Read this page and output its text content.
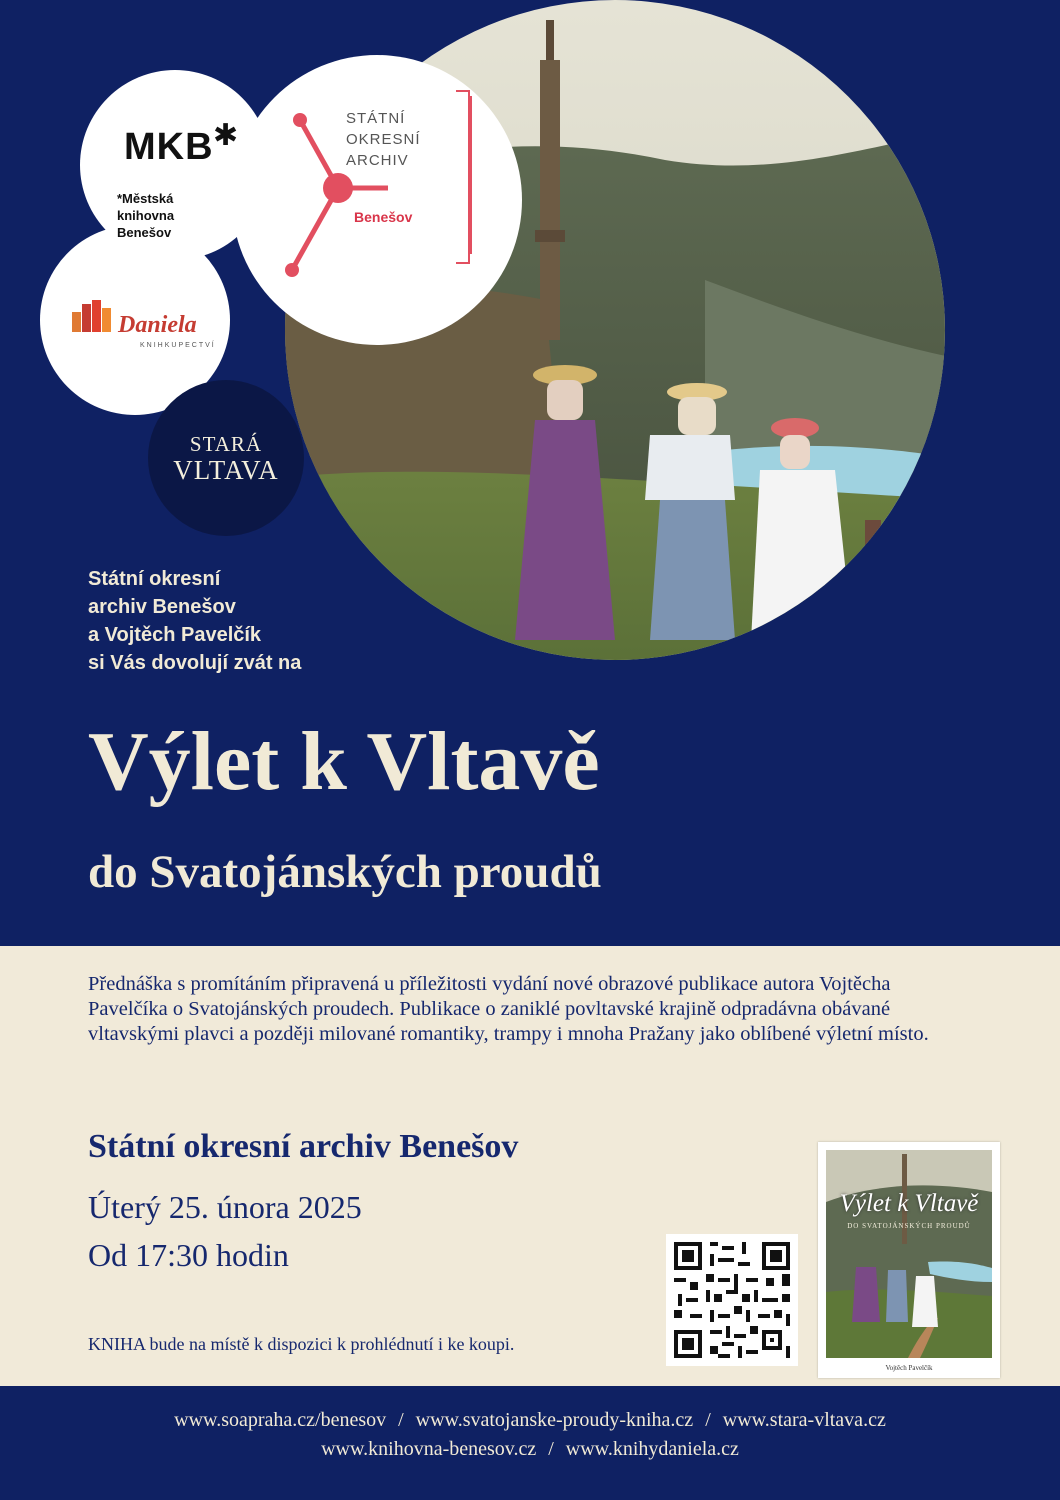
MKB ✱
*Městská
knihovna
Benešov
STÁTNÍ
OKRESNÍ
ARCHIV
Benešov
Daniela
KNIHKUPECTVÍ
STARÁ
VLTAVA
Státní okresní
archiv Benešov
a Vojtěch Pavelčík
si Vás dovolují zvát na
Výlet k Vltavě
do Svatojánských proudů
Přednáška s promítáním připravená u příležitosti vydání nové obrazové publikace autora Vojtěcha Pavelčíka o Svatojánských proudech. Publikace o zaniklé povltavské krajině odpradávna obávané vltavskými plavci a později milované romantiky, trampy i mnoha Pražany jako oblíbené výletní místo.
Státní okresní archiv Benešov
Úterý 25. února 2025
Od 17:30 hodin
KNIHA bude na místě k dispozici k prohlédnutí i ke koupi.
Výlet k Vltavě
DO SVATOJÁNSKÝCH PROUDŮ
Vojtěch Pavelčík
www.soapraha.cz/benesov / www.svatojanske-proudy-kniha.cz / www.stara-vltava.cz
www.knihovna-benesov.cz / www.knihydaniela.cz
